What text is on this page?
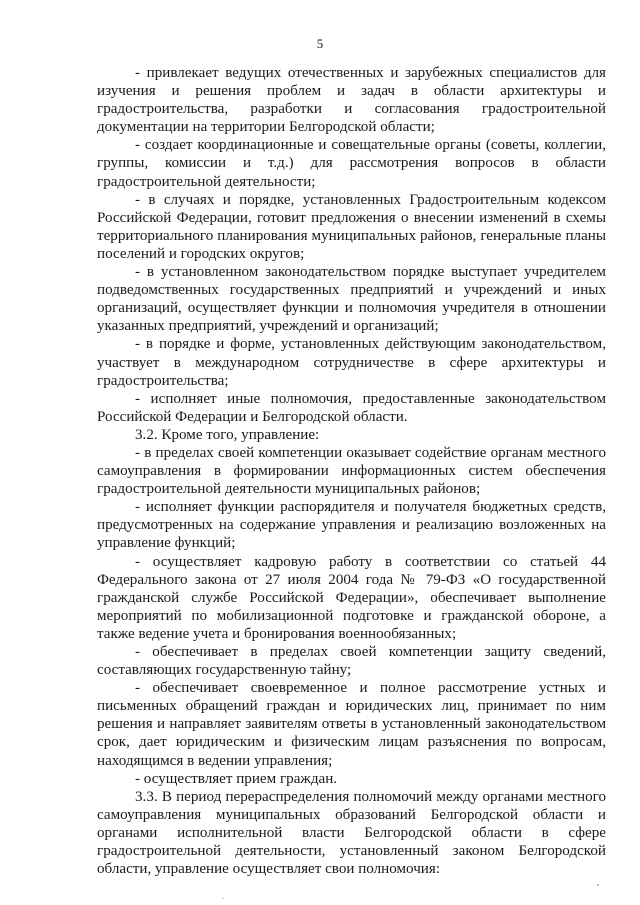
5

- привлекает ведущих отечественных и зарубежных специалистов для изучения и решения проблем и задач в области архитектуры и градостроительства, разработки и согласования градостроительной документации на территории Белгородской области;

- создает координационные и совещательные органы (советы, коллегии, группы, комиссии и т.д.) для рассмотрения вопросов в области градостроительной деятельности;

- в случаях и порядке, установленных Градостроительным кодексом Российской Федерации, готовит предложения о внесении изменений в схемы территориального планирования муниципальных районов, генеральные планы поселений и городских округов;

- в установленном законодательством порядке выступает учредителем подведомственных государственных предприятий и учреждений и иных организаций, осуществляет функции и полномочия учредителя в отношении указанных предприятий, учреждений и организаций;

- в порядке и форме, установленных действующим законодательством, участвует в международном сотрудничестве в сфере архитектуры и градостроительства;

- исполняет иные полномочия, предоставленные законодательством Российской Федерации и Белгородской области.

3.2. Кроме того, управление:

- в пределах своей компетенции оказывает содействие органам местного самоуправления в формировании информационных систем обеспечения градостроительной деятельности муниципальных районов;

- исполняет функции распорядителя и получателя бюджетных средств, предусмотренных на содержание управления и реализацию возложенных на управление функций;

- осуществляет кадровую работу в соответствии со статьей 44 Федерального закона от 27 июля 2004 года № 79-ФЗ «О государственной гражданской службе Российской Федерации», обеспечивает выполнение мероприятий по мобилизационной подготовке и гражданской обороне, а также ведение учета и бронирования военнообязанных;

- обеспечивает в пределах своей компетенции защиту сведений, составляющих государственную тайну;

- обеспечивает своевременное и полное рассмотрение устных и письменных обращений граждан и юридических лиц, принимает по ним решения и направляет заявителям ответы в установленный законодательством срок, дает юридическим и физическим лицам разъяснения по вопросам, находящимся в ведении управления;

- осуществляет прием граждан.

3.3. В период перераспределения полномочий между органами местного самоуправления муниципальных образований Белгородской области и органами исполнительной власти Белгородской области в сфере градостроительной деятельности, установленный законом Белгородской области, управление осуществляет свои полномочия:
